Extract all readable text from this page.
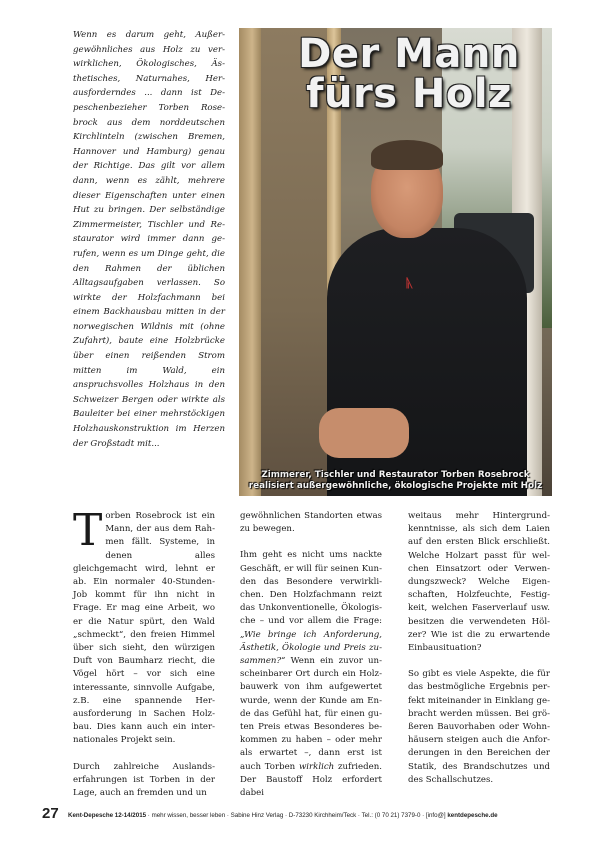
Wenn es darum geht, Außergewöhnliches aus Holz zu verwirklichen, Ökologisches, Ästhetisches, Naturnahes, Herausforderndes ... dann ist Depeschenbezieher Torben Rosebrock aus dem norddeutschen Kirchlinteln (zwischen Bremen, Hannover und Hamburg) genau der Richtige. Das gilt vor allem dann, wenn es zählt, mehrere dieser Eigenschaften unter einen Hut zu bringen. Der selbständige Zimmermeister, Tischler und Restaurator wird immer dann gerufen, wenn es um Dinge geht, die den Rahmen der üblichen Alltagsaufgaben verlassen. So wirkte der Holzfachmann bei einem Backhausbau mitten in der norwegischen Wildnis mit (ohne Zufahrt), baute eine Holzbrücke über einen reißenden Strom mitten im Wald, ein anspruchsvolles Holzhaus in den Schweizer Bergen oder wirkte als Bauleiter bei einer mehrstöckigen Holzhauskonstruktion im Herzen der Großstadt mit...
ᚣ
Der Mann
fürs Holz
Zimmerer, Tischler und Restaurator Torben Rosebrock
realisiert außergewöhnliche, ökologische Projekte mit Holz

Torben Rosebrock ist ein Mann, der aus dem Rahmen fällt. Systeme, in denen alles gleichgemacht wird, lehnt er ab. Ein normaler 40-Stunden-Job kommt für ihn nicht in Frage. Er mag eine Arbeit, wo er die Natur spürt, den Wald „schmeckt“, den freien Himmel über sich sieht, den würzigen Duft von Baumharz riecht, die Vögel hört – vor sich eine interessante, sinnvolle Aufgabe, z.B. eine spannende Herausforderung in Sachen Holzbau. Dies kann auch ein internationales Projekt sein.

Durch zahlreiche Auslandserfahrungen ist Torben in der Lage, auch an fremden und un

gewöhnlichen Standorten etwas zu bewegen.

Ihm geht es nicht ums nackte Geschäft, er will für seinen Kunden das Besondere verwirklichen. Den Holzfachmann reizt das Unkonventionelle, Ökologische – und vor allem die Frage: „Wie bringe ich Anforderung, Ästhetik, Ökologie und Preis zusammen?“ Wenn ein zuvor unscheinbarer Ort durch ein Holzbauwerk von ihm aufgewertet wurde, wenn der Kunde am Ende das Gefühl hat, für einen guten Preis etwas Besonderes bekommen zu haben – oder mehr als erwartet –, dann erst ist auch Torben wirklich zufrieden. Der Baustoff Holz erfordert dabei

weitaus mehr Hintergrundkenntnisse, als sich dem Laien auf den ersten Blick erschließt. Welche Holzart passt für welchen Einsatzort oder Verwendungszweck? Welche Eigenschaften, Holzfeuchte, Festigkeit, welchen Faserverlauf usw. besitzen die verwendeten Hölzer? Wie ist die zu erwartende Einbausituation?

So gibt es viele Aspekte, die für das bestmögliche Ergebnis perfekt miteinander in Einklang gebracht werden müssen. Bei größeren Bauvorhaben oder Wohnhäusern steigen auch die Anforderungen in den Bereichen der Statik, des Brandschutzes und des Schallschutzes.

27 Kent-Depesche 12-14/2015 · mehr wissen, besser leben · Sabine Hinz Verlag · D-73230 Kirchheim/Teck · Tel.: (0 70 21) 7379-0 · [info@] kentdepesche.de
